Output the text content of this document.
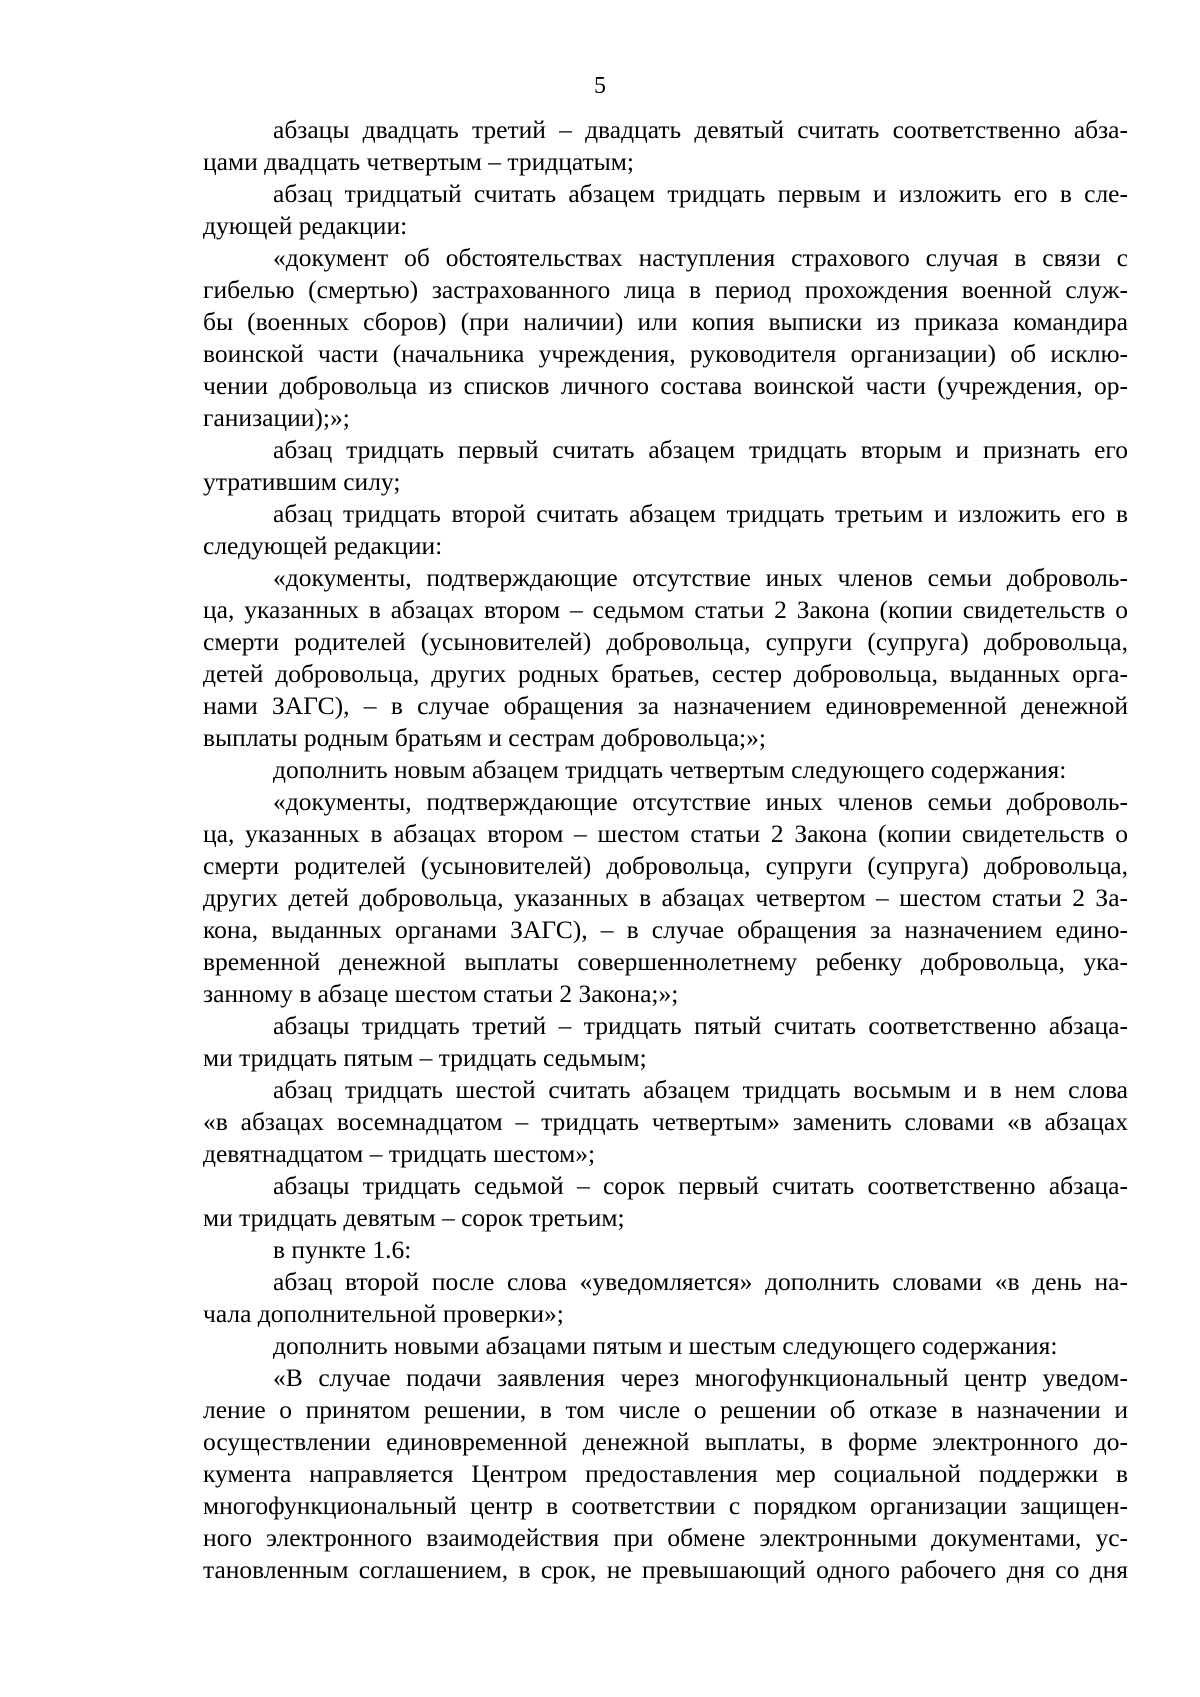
5
абзацы двадцать третий – двадцать девятый считать соответственно абза-
цами двадцать четвертым – тридцатым;
абзац тридцатый считать абзацем тридцать первым и изложить его в сле-
дующей редакции:
«документ об обстоятельствах наступления страхового случая в связи с
гибелью (смертью) застрахованного лица в период прохождения военной служ-
бы (военных сборов) (при наличии) или копия выписки из приказа командира
воинской части (начальника учреждения, руководителя организации) об исклю-
чении добровольца из списков личного состава воинской части (учреждения, ор-
ганизации);»;
абзац тридцать первый считать абзацем тридцать вторым и признать его
утратившим силу;
абзац тридцать второй считать абзацем тридцать третьим и изложить его в
следующей редакции:
«документы, подтверждающие отсутствие иных членов семьи доброволь-
ца, указанных в абзацах втором – седьмом статьи 2 Закона (копии свидетельств о
смерти родителей (усыновителей) добровольца, супруги (супруга) добровольца,
детей добровольца, других родных братьев, сестер добровольца, выданных орга-
нами ЗАГС), – в случае обращения за назначением единовременной денежной
выплаты родным братьям и сестрам добровольца;»;
дополнить новым абзацем тридцать четвертым следующего содержания:
«документы, подтверждающие отсутствие иных членов семьи доброволь-
ца, указанных в абзацах втором – шестом статьи 2 Закона (копии свидетельств о
смерти родителей (усыновителей) добровольца, супруги (супруга) добровольца,
других детей добровольца, указанных в абзацах четвертом – шестом статьи 2 За-
кона, выданных органами ЗАГС), – в случае обращения за назначением едино-
временной денежной выплаты совершеннолетнему ребенку добровольца, ука-
занному в абзаце шестом статьи 2 Закона;»;
абзацы тридцать третий – тридцать пятый считать соответственно абзаца-
ми тридцать пятым – тридцать седьмым;
абзац тридцать шестой считать абзацем тридцать восьмым и в нем слова
«в абзацах восемнадцатом – тридцать четвертым» заменить словами «в абзацах
девятнадцатом – тридцать шестом»;
абзацы тридцать седьмой – сорок первый считать соответственно абзаца-
ми тридцать девятым – сорок третьим;
в пункте 1.6:
абзац второй после слова «уведомляется» дополнить словами «в день на-
чала дополнительной проверки»;
дополнить новыми абзацами пятым и шестым следующего содержания:
«В случае подачи заявления через многофункциональный центр уведом-
ление о принятом решении, в том числе о решении об отказе в назначении и
осуществлении единовременной денежной выплаты, в форме электронного до-
кумента направляется Центром предоставления мер социальной поддержки в
многофункциональный центр в соответствии с порядком организации защищен-
ного электронного взаимодействия при обмене электронными документами, ус-
тановленным соглашением, в срок, не превышающий одного рабочего дня со дня
